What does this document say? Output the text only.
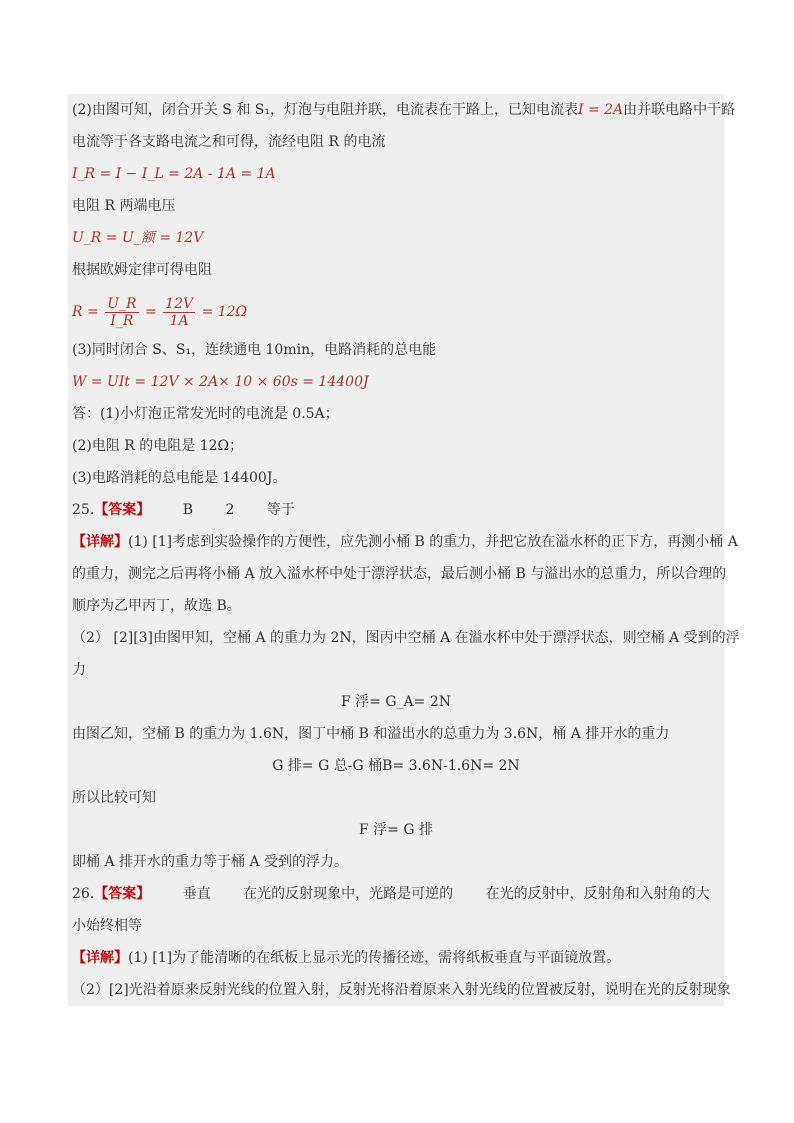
(2)由图可知，闭合开关 S 和 S₁，灯泡与电阻并联，电流表在干路上，已知电流表I = 2A由并联电路中干路
电流等于各支路电流之和可得，流经电阻 R 的电流
I_R = I − I_L = 2A - 1A = 1A
电阻 R 两端电压
U_R = U_额 = 12V
根据欧姆定律可得电阻
$R = \frac{U\_R}{I\_R} = \frac{12V}{1A} = 12\Omega$
(3)同时闭合 S、S₁，连续通电 10min，电路消耗的总电能
W = UIt = 12V × 2A× 10 × 60s = 14400J
答：(1)小灯泡正常发光时的电流是 0.5A；
(2)电阻 R 的电阻是 12Ω；
(3)电路消耗的总电能是 14400J。
25.【答案】 B 2 等于
【详解】(1) [1]考虑到实验操作的方便性，应先测小桶 B 的重力，并把它放在溢水杯的正下方，再测小桶 A
的重力，测完之后再将小桶 A 放入溢水杯中处于漂浮状态，最后测小桶 B 与溢出水的总重力，所以合理的
顺序为乙甲丙丁，故选 B。
（2） [2][3]由图甲知，空桶 A 的重力为 2N，图丙中空桶 A 在溢水杯中处于漂浮状态，则空桶 A 受到的浮
力
F 浮= G_A= 2N
由图乙知，空桶 B 的重力为 1.6N，图丁中桶 B 和溢出水的总重力为 3.6N，桶 A 排开水的重力
G 排= G 总-G 桶B= 3.6N-1.6N= 2N
所以比较可知
F 浮= G 排
即桶 A 排开水的重力等于桶 A 受到的浮力。
26.【答案】 垂直 在光的反射现象中，光路是可逆的 在光的反射中，反射角和入射角的大
小始终相等
【详解】(1) [1]为了能清晰的在纸板上显示光的传播径迹，需将纸板垂直与平面镜放置。
（2）[2]光沿着原来反射光线的位置入射，反射光将沿着原来入射光线的位置被反射，说明在光的反射现象
